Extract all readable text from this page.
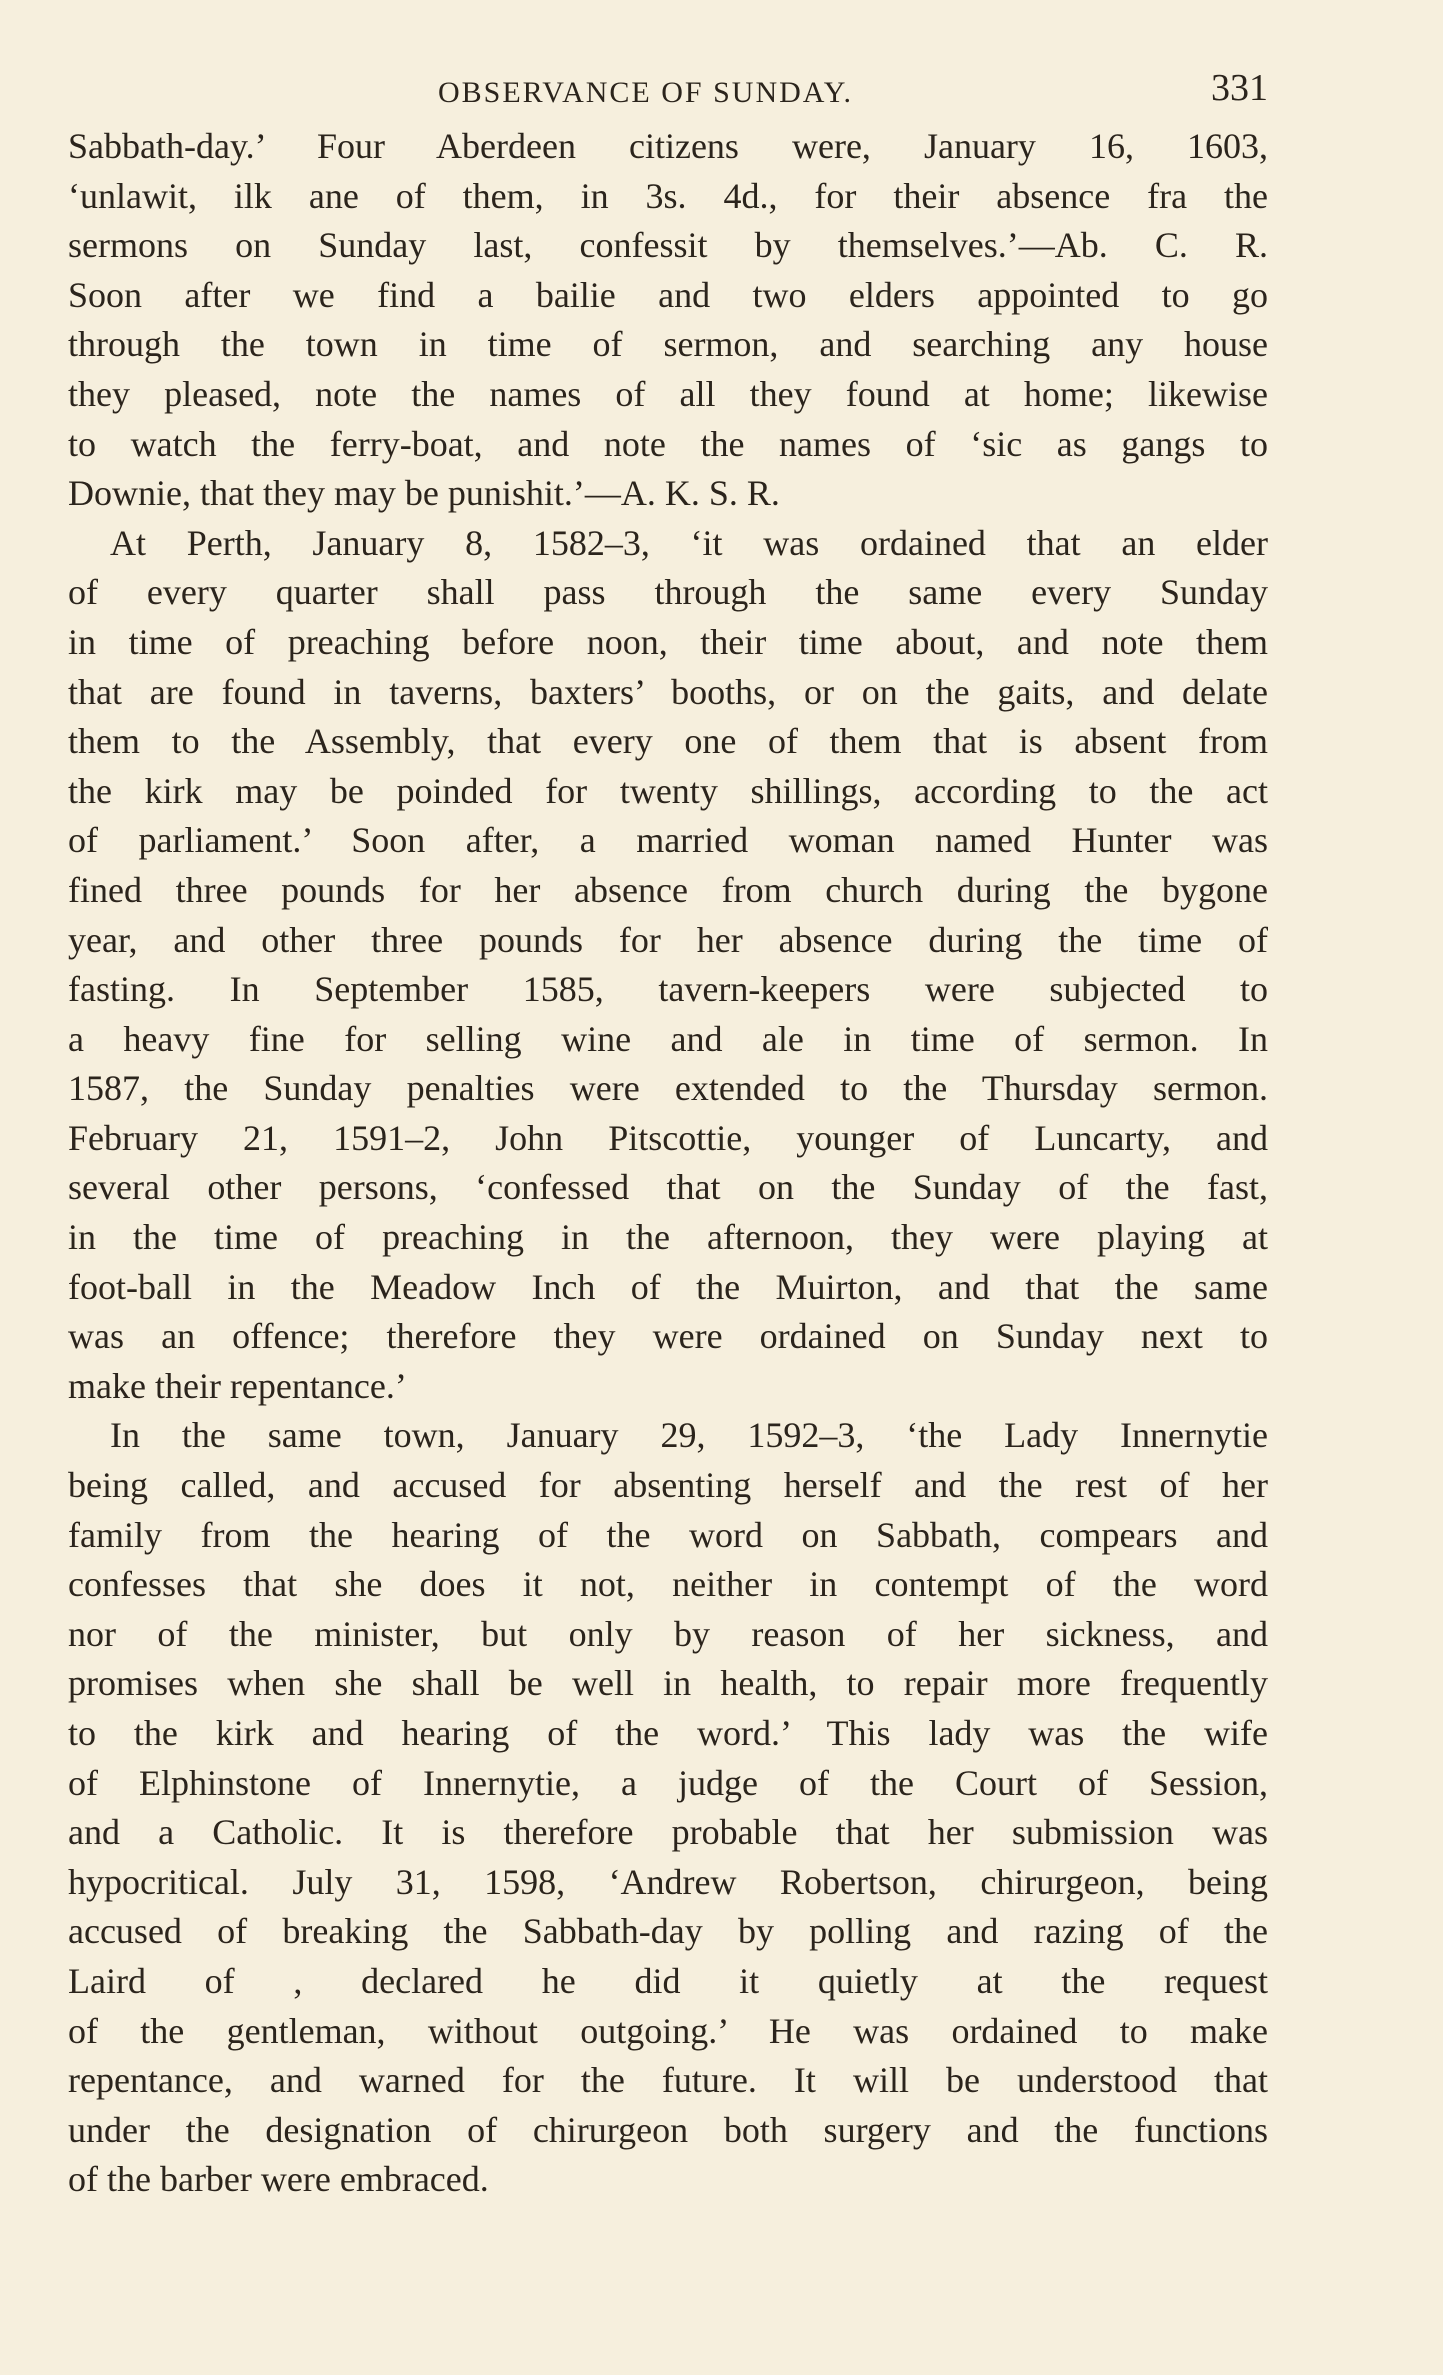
OBSERVANCE OF SUNDAY.	331
Sabbath-day.’ Four Aberdeen citizens were, January 16, 1603,
‘unlawit, ilk ane of them, in 3s. 4d., for their absence fra the
sermons on Sunday last, confessit by themselves.’—Ab. C. R.
Soon after we find a bailie and two elders appointed to go
through the town in time of sermon, and searching any house
they pleased, note the names of all they found at home; likewise
to watch the ferry-boat, and note the names of ‘sic as gangs to
Downie, that they may be punishit.’—A. K. S. R.
At Perth, January 8, 1582–3, ‘it was ordained that an elder
of every quarter shall pass through the same every Sunday
in time of preaching before noon, their time about, and note them
that are found in taverns, baxters’ booths, or on the gaits, and delate
them to the Assembly, that every one of them that is absent from
the kirk may be poinded for twenty shillings, according to the act
of parliament.’ Soon after, a married woman named Hunter was
fined three pounds for her absence from church during the bygone
year, and other three pounds for her absence during the time of
fasting. In September 1585, tavern-keepers were subjected to
a heavy fine for selling wine and ale in time of sermon. In
1587, the Sunday penalties were extended to the Thursday sermon.
February 21, 1591–2, John Pitscottie, younger of Luncarty, and
several other persons, ‘confessed that on the Sunday of the fast,
in the time of preaching in the afternoon, they were playing at
foot-ball in the Meadow Inch of the Muirton, and that the same
was an offence; therefore they were ordained on Sunday next to
make their repentance.’
In the same town, January 29, 1592–3, ‘the Lady Innernytie
being called, and accused for absenting herself and the rest of her
family from the hearing of the word on Sabbath, compears and
confesses that she does it not, neither in contempt of the word
nor of the minister, but only by reason of her sickness, and
promises when she shall be well in health, to repair more frequently
to the kirk and hearing of the word.’ This lady was the wife
of Elphinstone of Innernytie, a judge of the Court of Session,
and a Catholic. It is therefore probable that her submission was
hypocritical. July 31, 1598, ‘Andrew Robertson, chirurgeon, being
accused of breaking the Sabbath-day by polling and razing of the
Laird of , declared he did it quietly at the request
of the gentleman, without outgoing.’ He was ordained to make
repentance, and warned for the future. It will be understood that
under the designation of chirurgeon both surgery and the functions
of the barber were embraced.
